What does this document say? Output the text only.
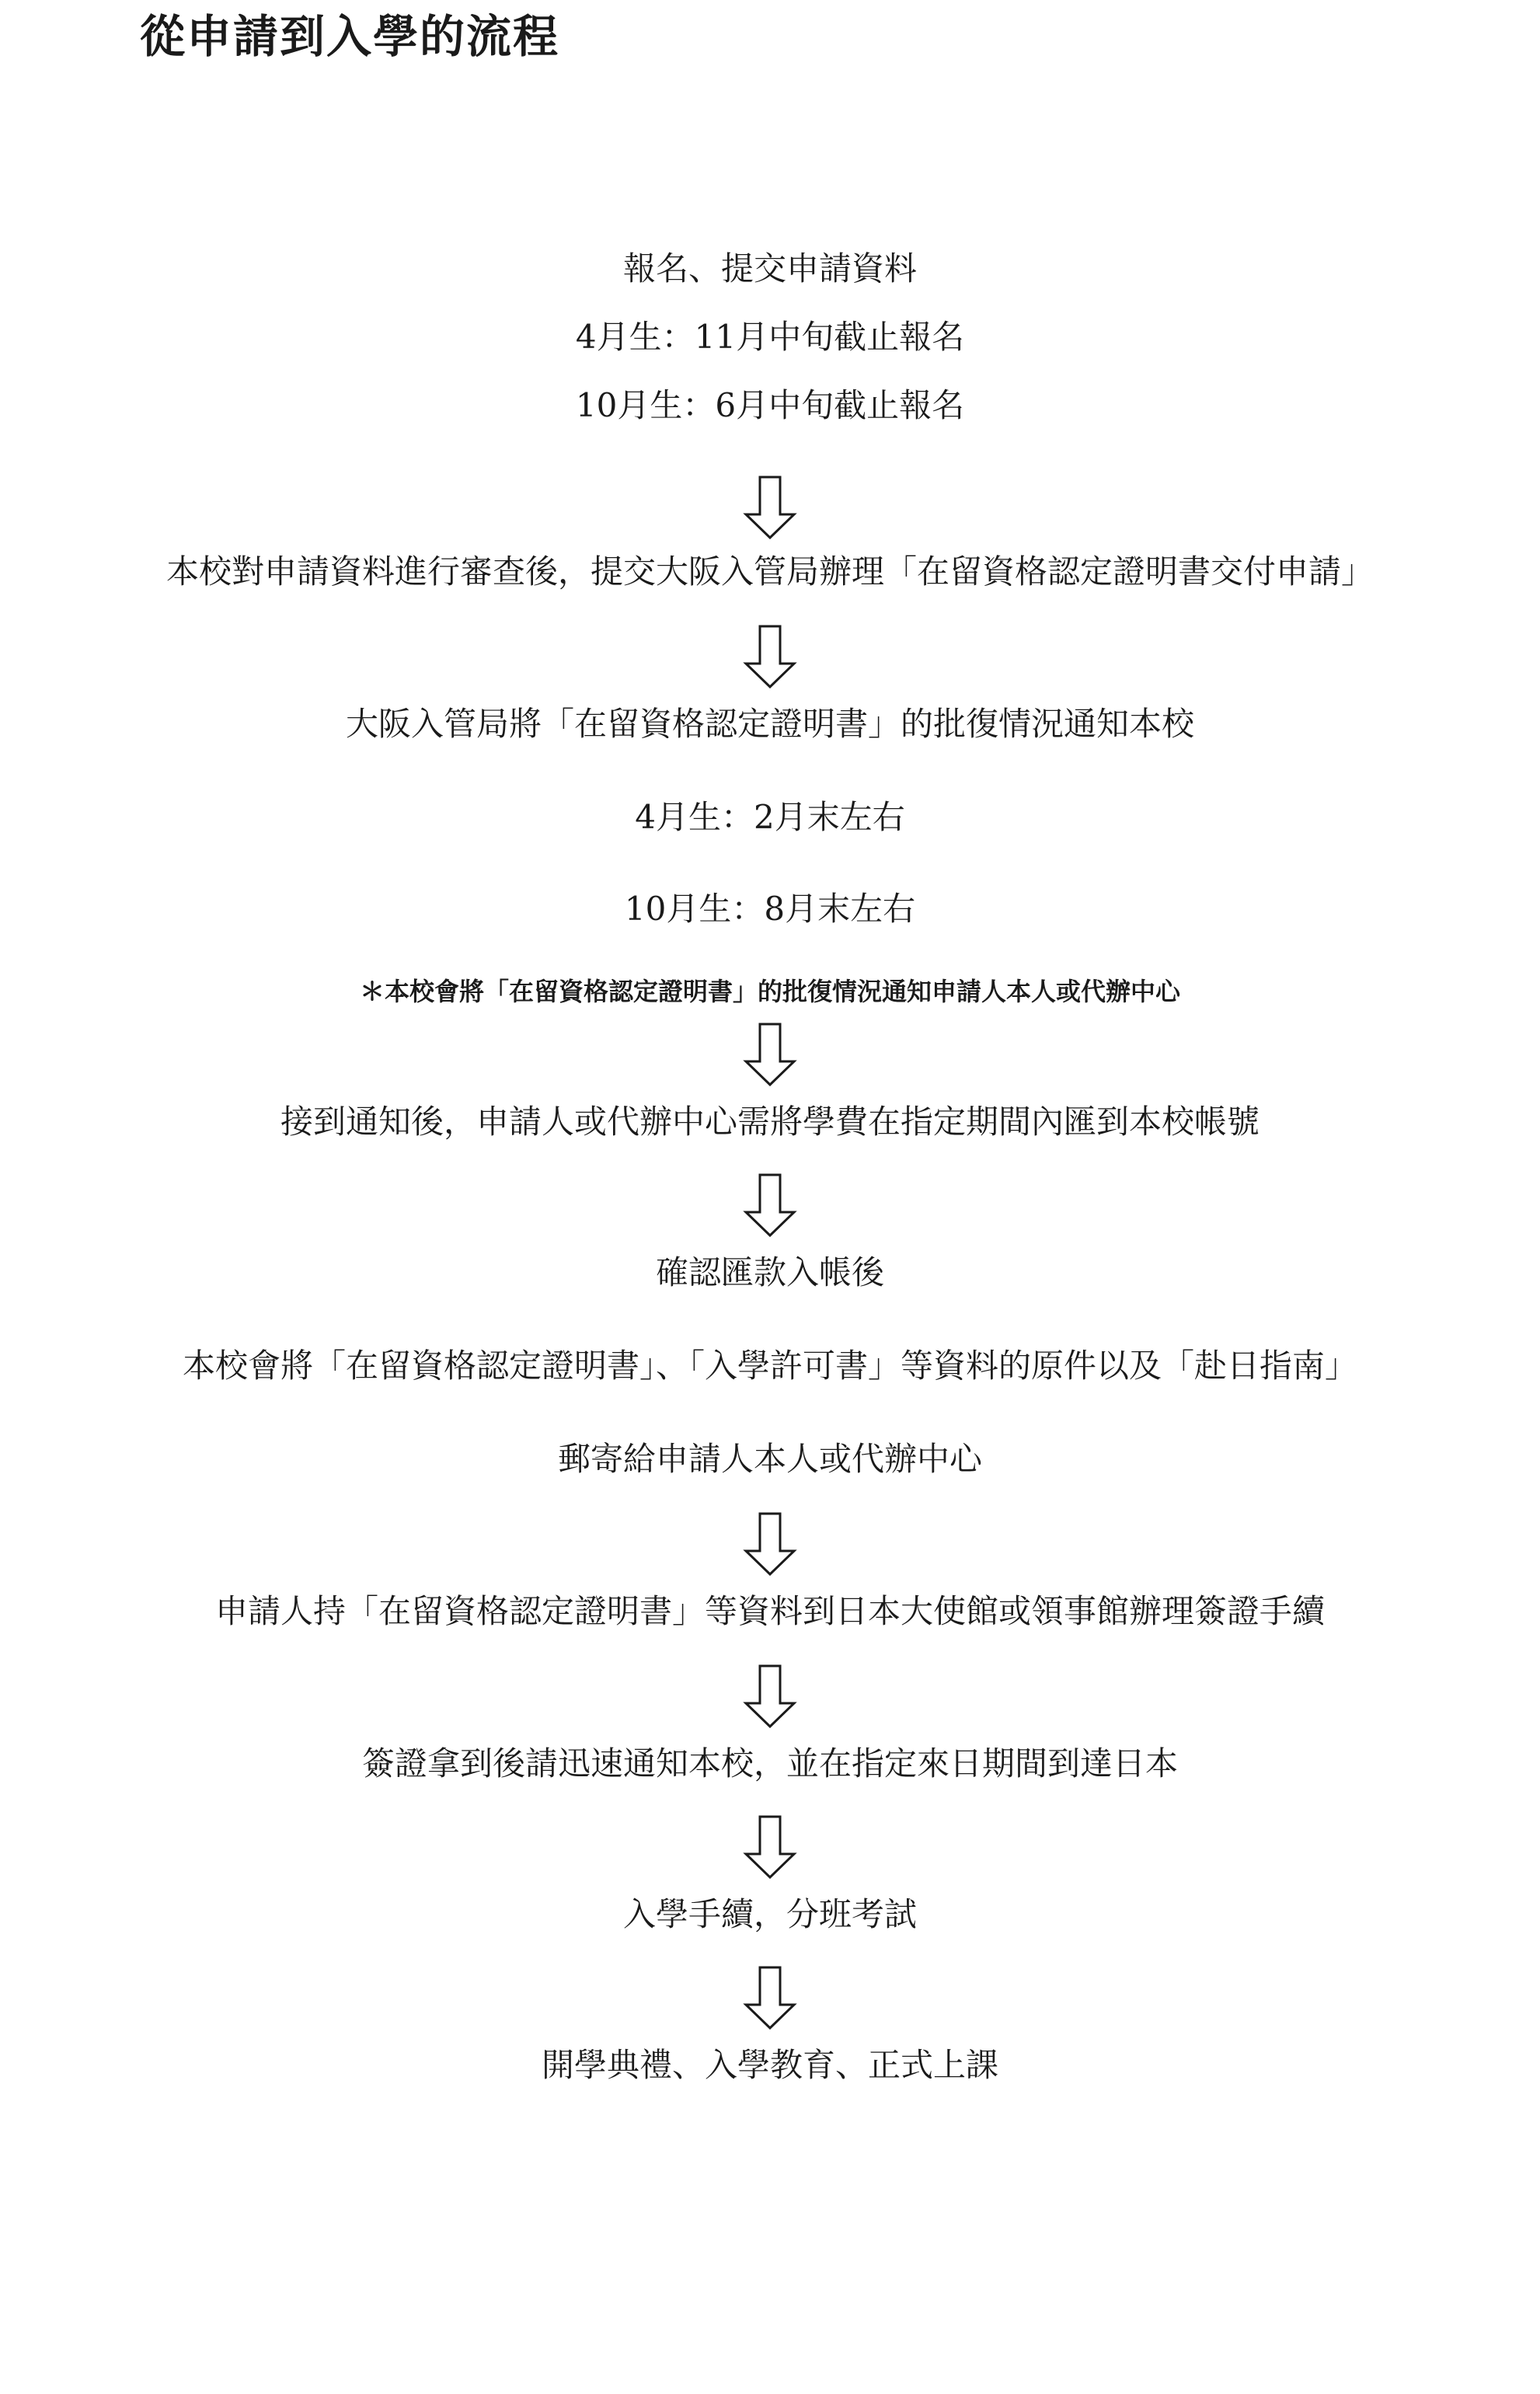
從申請到入學的流程
報名、提交申請資料
4月生：11月中旬截止報名
10月生：6月中旬截止報名
本校對申請資料進行審查後，提交大阪入管局辦理「在留資格認定證明書交付申請」
大阪入管局將「在留資格認定證明書」的批復情況通知本校
4月生：2月末左右
10月生：8月末左右
＊本校會將「在留資格認定證明書」的批復情況通知申請人本人或代辦中心
接到通知後，申請人或代辦中心需將學費在指定期間內匯到本校帳號
確認匯款入帳後
本校會將「在留資格認定證明書」、「入學許可書」等資料的原件以及「赴日指南」
郵寄給申請人本人或代辦中心
申請人持「在留資格認定證明書」等資料到日本大使館或領事館辦理簽證手續
簽證拿到後請迅速通知本校，並在指定來日期間到達日本
入學手續，分班考試
開學典禮、入學教育、正式上課
